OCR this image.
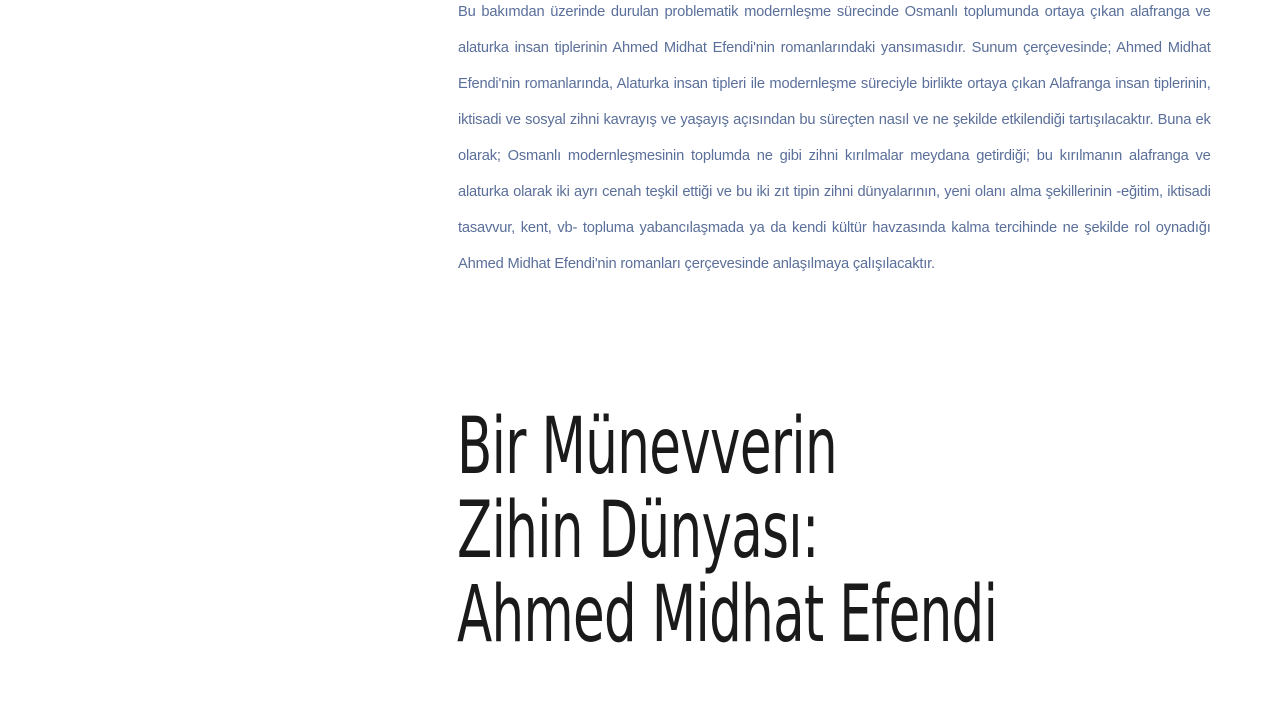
Bu bakımdan üzerinde durulan problematik modernleşme sürecinde Osmanlı toplumunda ortaya çıkan alafranga ve alaturka insan tiplerinin Ahmed Midhat Efendi'nin romanlarındaki yansımasıdır. Sunum çerçevesinde; Ahmed Midhat Efendi'nin romanlarında, Alaturka insan tipleri ile modernleşme süreciyle birlikte ortaya çıkan Alafranga insan tiplerinin, iktisadi ve sosyal zihni kavrayış ve yaşayış açısından bu süreçten nasıl ve ne şekilde etkilendiği tartışılacaktır. Buna ek olarak; Osmanlı modernleşmesinin toplumda ne gibi zihni kırılmalar meydana getirdiği; bu kırılmanın alafranga ve alaturka olarak iki ayrı cenah teşkil ettiği ve bu iki zıt tipin zihni dünyalarının, yeni olanı alma şekillerinin -eğitim, iktisadi tasavvur, kent, vb- topluma yabancılaşmada ya da kendi kültür havzasında kalma tercihinde ne şekilde rol oynadığı Ahmed Midhat Efendi'nin romanları çerçevesinde anlaşılmaya çalışılacaktır.

Bir Münevverin
Zihin Dünyası:
Ahmed Midhat Efendi
